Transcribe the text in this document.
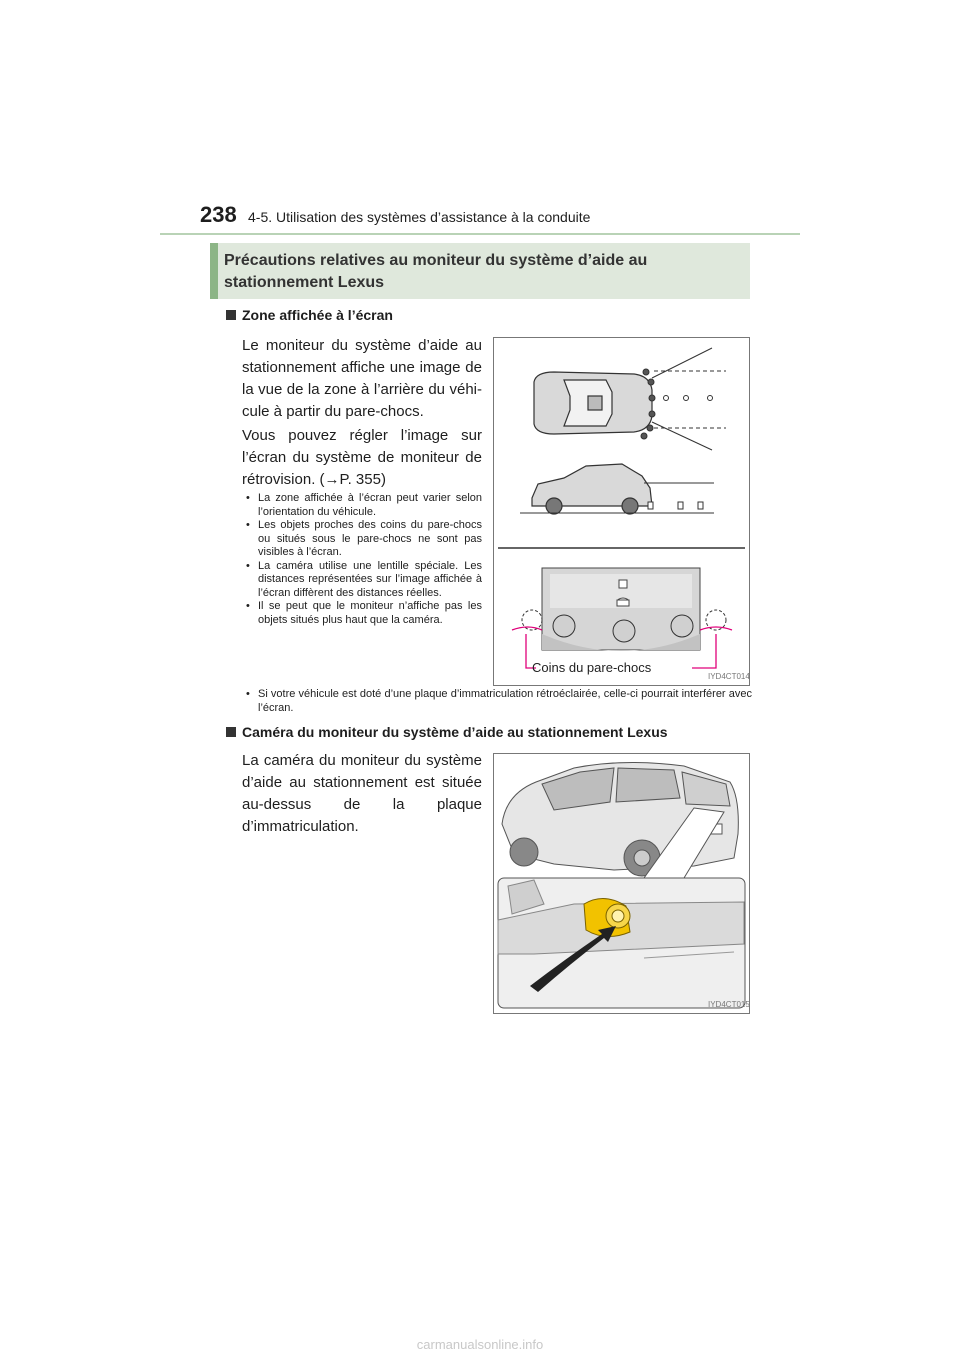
238 4-5. Utilisation des systèmes d’assistance à la conduite
Précautions relatives au moniteur du système d’aide au stationnement Lexus
Zone affichée à l’écran

Le moniteur du système d’aide au stationnement affiche une image de la vue de la zone à l’arrière du véhicule à partir du pare-chocs.

Vous pouvez régler l’image sur l’écran du système de moniteur de rétrovision. (→P. 355)

• La zone affichée à l’écran peut varier selon l’orientation du véhicule.
• Les objets proches des coins du pare-chocs ou situés sous le pare-chocs ne sont pas visibles à l’écran.
• La caméra utilise une lentille spéciale. Les distances représentées sur l’image affichée à l’écran diffèrent des distances réelles.
• Il se peut que le moniteur n’affiche pas les objets situés plus haut que la caméra.
• Si votre véhicule est doté d’une plaque d’immatriculation rétroéclairée, celle-ci pourrait interférer avec l’écran.
Coins du pare-chocs
IYD4CT014
Caméra du moniteur du système d’aide au stationnement Lexus

La caméra du moniteur du système d’aide au stationnement est située au-dessus de la plaque d’immatriculation.

IYD4CT015
carmanualsonline.info
